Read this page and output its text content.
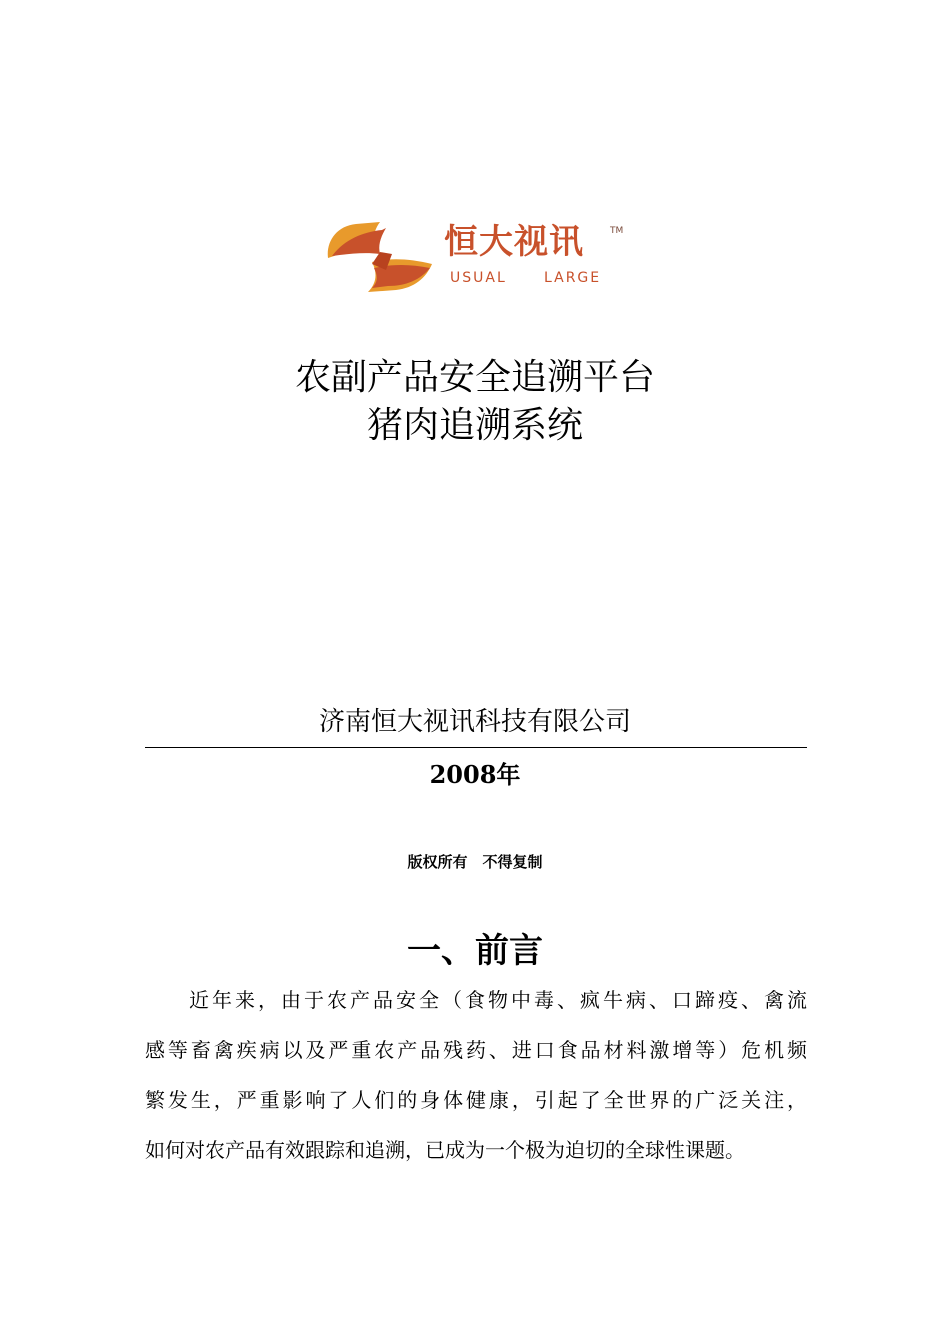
恒大视讯	TM
USUAL	LARGE
农副产品安全追溯平台
猪肉追溯系统
济南恒大视讯科技有限公司
2008年
版权所有　不得复制
一、前言
近年来，由于农产品安全（食物中毒、疯牛病、口蹄疫、禽流
感等畜禽疾病以及严重农产品残药、进口食品材料激增等）危机频
繁发生，严重影响了人们的身体健康，引起了全世界的广泛关注，
如何对农产品有效跟踪和追溯，已成为一个极为迫切的全球性课题。
